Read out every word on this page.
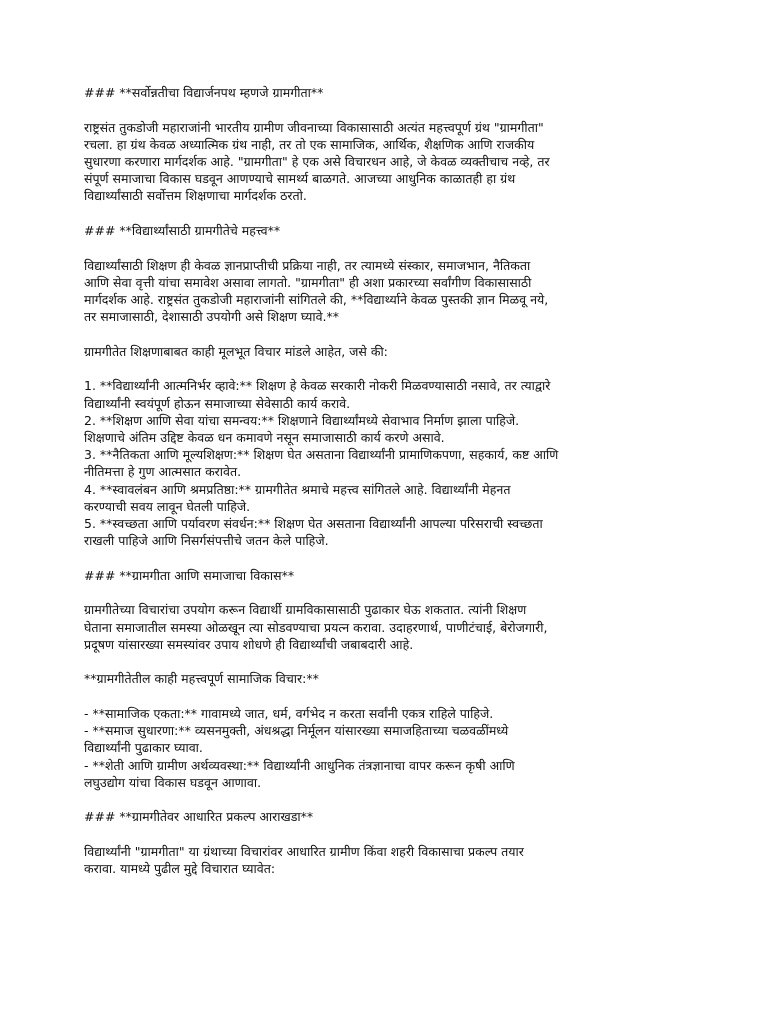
### **सर्वोन्नतीचा विद्यार्जनपथ म्हणजे ग्रामगीता**

राष्ट्रसंत तुकडोजी महाराजांनी भारतीय ग्रामीण जीवनाच्या विकासासाठी अत्यंत महत्त्वपूर्ण ग्रंथ "ग्रामगीता"
रचला. हा ग्रंथ केवळ अध्यात्मिक ग्रंथ नाही, तर तो एक सामाजिक, आर्थिक, शैक्षणिक आणि राजकीय
सुधारणा करणारा मार्गदर्शक आहे. "ग्रामगीता" हे एक असे विचारधन आहे, जे केवळ व्यक्तीचाच नव्हे, तर
संपूर्ण समाजाचा विकास घडवून आणण्याचे सामर्थ्य बाळगते. आजच्या आधुनिक काळातही हा ग्रंथ
विद्यार्थ्यांसाठी सर्वोत्तम शिक्षणाचा मार्गदर्शक ठरतो.

### **विद्यार्थ्यांसाठी ग्रामगीतेचे महत्त्व**

विद्यार्थ्यांसाठी शिक्षण ही केवळ ज्ञानप्राप्तीची प्रक्रिया नाही, तर त्यामध्ये संस्कार, समाजभान, नैतिकता
आणि सेवा वृत्ती यांचा समावेश असावा लागतो. "ग्रामगीता" ही अशा प्रकारच्या सर्वांगीण विकासासाठी
मार्गदर्शक आहे. राष्ट्रसंत तुकडोजी महाराजांनी सांगितले की, **विद्यार्थ्याने केवळ पुस्तकी ज्ञान मिळवू नये,
तर समाजासाठी, देशासाठी उपयोगी असे शिक्षण घ्यावे.**

ग्रामगीतेत शिक्षणाबाबत काही मूलभूत विचार मांडले आहेत, जसे की:

1. **विद्यार्थ्यांनी आत्मनिर्भर व्हावे:** शिक्षण हे केवळ सरकारी नोकरी मिळवण्यासाठी नसावे, तर त्याद्वारे
विद्यार्थ्यांनी स्वयंपूर्ण होऊन समाजाच्या सेवेसाठी कार्य करावे.
2. **शिक्षण आणि सेवा यांचा समन्वय:** शिक्षणाने विद्यार्थ्यांमध्ये सेवाभाव निर्माण झाला पाहिजे.
शिक्षणाचे अंतिम उद्दिष्ट केवळ धन कमावणे नसून समाजासाठी कार्य करणे असावे.
3. **नैतिकता आणि मूल्यशिक्षण:** शिक्षण घेत असताना विद्यार्थ्यांनी प्रामाणिकपणा, सहकार्य, कष्ट आणि
नीतिमत्ता हे गुण आत्मसात करावेत.
4. **स्वावलंबन आणि श्रमप्रतिष्ठा:** ग्रामगीतेत श्रमाचे महत्त्व सांगितले आहे. विद्यार्थ्यांनी मेहनत
करण्याची सवय लावून घेतली पाहिजे.
5. **स्वच्छता आणि पर्यावरण संवर्धन:** शिक्षण घेत असताना विद्यार्थ्यांनी आपल्या परिसराची स्वच्छता
राखली पाहिजे आणि निसर्गसंपत्तीचे जतन केले पाहिजे.

### **ग्रामगीता आणि समाजाचा विकास**

ग्रामगीतेच्या विचारांचा उपयोग करून विद्यार्थी ग्रामविकासासाठी पुढाकार घेऊ शकतात. त्यांनी शिक्षण
घेताना समाजातील समस्या ओळखून त्या सोडवण्याचा प्रयत्न करावा. उदाहरणार्थ, पाणीटंचाई, बेरोजगारी,
प्रदूषण यांसारख्या समस्यांवर उपाय शोधणे ही विद्यार्थ्यांची जबाबदारी आहे.

**ग्रामगीतेतील काही महत्त्वपूर्ण सामाजिक विचार:**

- **सामाजिक एकता:** गावामध्ये जात, धर्म, वर्गभेद न करता सर्वांनी एकत्र राहिले पाहिजे.
- **समाज सुधारणा:** व्यसनमुक्ती, अंधश्रद्धा निर्मूलन यांसारख्या समाजहिताच्या चळवळींमध्ये
विद्यार्थ्यांनी पुढाकार घ्यावा.
- **शेती आणि ग्रामीण अर्थव्यवस्था:** विद्यार्थ्यांनी आधुनिक तंत्रज्ञानाचा वापर करून कृषी आणि
लघुउद्योग यांचा विकास घडवून आणावा.

### **ग्रामगीतेवर आधारित प्रकल्प आराखडा**

विद्यार्थ्यांनी "ग्रामगीता" या ग्रंथाच्या विचारांवर आधारित ग्रामीण किंवा शहरी विकासाचा प्रकल्प तयार
करावा. यामध्ये पुढील मुद्दे विचारात घ्यावेत:
